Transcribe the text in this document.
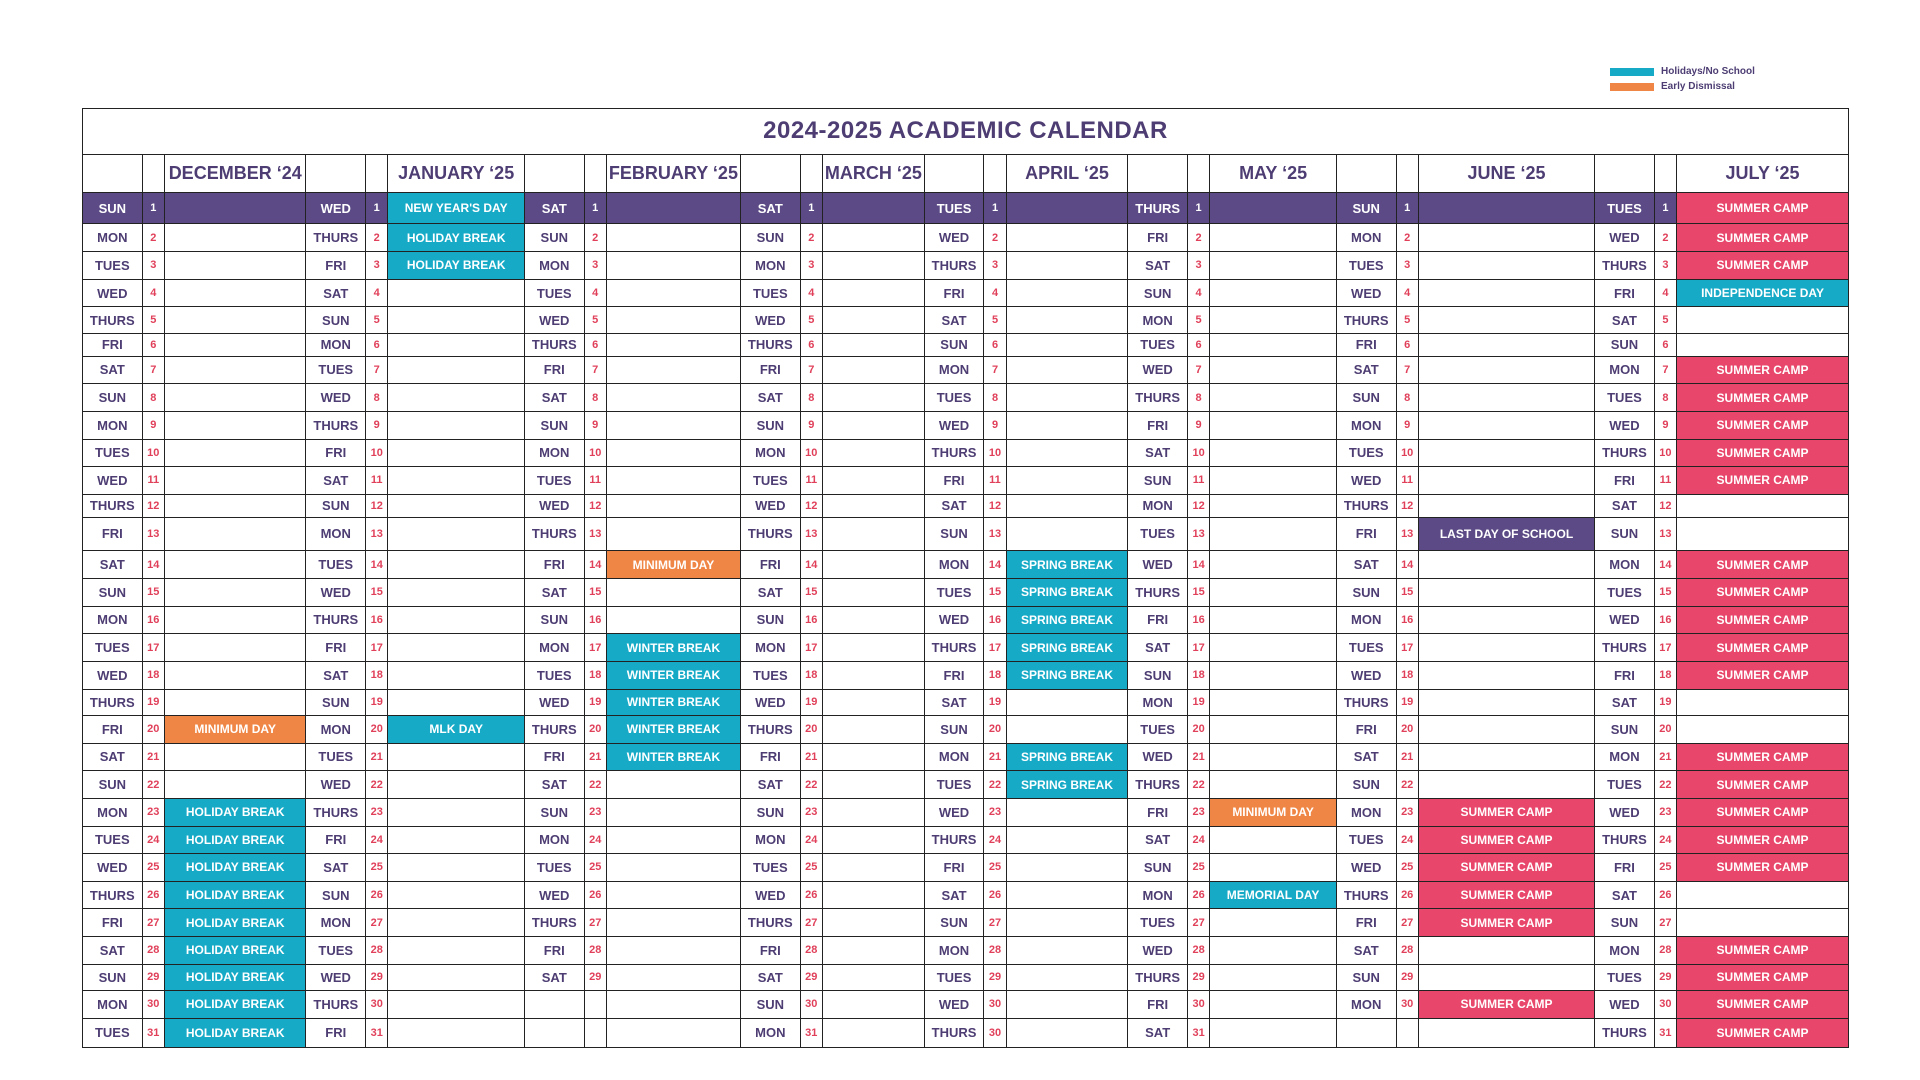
Holidays/No School
Early Dismissal
2024-2025 ACADEMIC CALENDAR																							
		DECEMBER ‘24			JANUARY ‘25			FEBRUARY ‘25			MARCH ‘25			APRIL ‘25			MAY ‘25			JUNE ‘25			JULY ‘25
SUN	1		WED	1	NEW YEAR'S DAY	SAT	1		SAT	1		TUES	1		THURS	1		SUN	1		TUES	1	SUMMER CAMP
MON	2		THURS	2	HOLIDAY BREAK	SUN	2		SUN	2		WED	2		FRI	2		MON	2		WED	2	SUMMER CAMP
TUES	3		FRI	3	HOLIDAY BREAK	MON	3		MON	3		THURS	3		SAT	3		TUES	3		THURS	3	SUMMER CAMP
WED	4		SAT	4		TUES	4		TUES	4		FRI	4		SUN	4		WED	4		FRI	4	INDEPENDENCE DAY
THURS	5		SUN	5		WED	5		WED	5		SAT	5		MON	5		THURS	5		SAT	5	
FRI	6		MON	6		THURS	6		THURS	6		SUN	6		TUES	6		FRI	6		SUN	6	
SAT	7		TUES	7		FRI	7		FRI	7		MON	7		WED	7		SAT	7		MON	7	SUMMER CAMP
SUN	8		WED	8		SAT	8		SAT	8		TUES	8		THURS	8		SUN	8		TUES	8	SUMMER CAMP
MON	9		THURS	9		SUN	9		SUN	9		WED	9		FRI	9		MON	9		WED	9	SUMMER CAMP
TUES	10		FRI	10		MON	10		MON	10		THURS	10		SAT	10		TUES	10		THURS	10	SUMMER CAMP
WED	11		SAT	11		TUES	11		TUES	11		FRI	11		SUN	11		WED	11		FRI	11	SUMMER CAMP
THURS	12		SUN	12		WED	12		WED	12		SAT	12		MON	12		THURS	12		SAT	12	
FRI	13		MON	13		THURS	13		THURS	13		SUN	13		TUES	13		FRI	13	LAST DAY OF SCHOOL	SUN	13	
SAT	14		TUES	14		FRI	14	MINIMUM DAY	FRI	14		MON	14	SPRING BREAK	WED	14		SAT	14		MON	14	SUMMER CAMP
SUN	15		WED	15		SAT	15		SAT	15		TUES	15	SPRING BREAK	THURS	15		SUN	15		TUES	15	SUMMER CAMP
MON	16		THURS	16		SUN	16		SUN	16		WED	16	SPRING BREAK	FRI	16		MON	16		WED	16	SUMMER CAMP
TUES	17		FRI	17		MON	17	WINTER BREAK	MON	17		THURS	17	SPRING BREAK	SAT	17		TUES	17		THURS	17	SUMMER CAMP
WED	18		SAT	18		TUES	18	WINTER BREAK	TUES	18		FRI	18	SPRING BREAK	SUN	18		WED	18		FRI	18	SUMMER CAMP
THURS	19		SUN	19		WED	19	WINTER BREAK	WED	19		SAT	19		MON	19		THURS	19		SAT	19	
FRI	20	MINIMUM DAY	MON	20	MLK DAY	THURS	20	WINTER BREAK	THURS	20		SUN	20		TUES	20		FRI	20		SUN	20	
SAT	21		TUES	21		FRI	21	WINTER BREAK	FRI	21		MON	21	SPRING BREAK	WED	21		SAT	21		MON	21	SUMMER CAMP
SUN	22		WED	22		SAT	22		SAT	22		TUES	22	SPRING BREAK	THURS	22		SUN	22		TUES	22	SUMMER CAMP
MON	23	HOLIDAY BREAK	THURS	23		SUN	23		SUN	23		WED	23		FRI	23	MINIMUM DAY	MON	23	SUMMER CAMP	WED	23	SUMMER CAMP
TUES	24	HOLIDAY BREAK	FRI	24		MON	24		MON	24		THURS	24		SAT	24		TUES	24	SUMMER CAMP	THURS	24	SUMMER CAMP
WED	25	HOLIDAY BREAK	SAT	25		TUES	25		TUES	25		FRI	25		SUN	25		WED	25	SUMMER CAMP	FRI	25	SUMMER CAMP
THURS	26	HOLIDAY BREAK	SUN	26		WED	26		WED	26		SAT	26		MON	26	MEMORIAL DAY	THURS	26	SUMMER CAMP	SAT	26	
FRI	27	HOLIDAY BREAK	MON	27		THURS	27		THURS	27		SUN	27		TUES	27		FRI	27	SUMMER CAMP	SUN	27	
SAT	28	HOLIDAY BREAK	TUES	28		FRI	28		FRI	28		MON	28		WED	28		SAT	28		MON	28	SUMMER CAMP
SUN	29	HOLIDAY BREAK	WED	29		SAT	29		SAT	29		TUES	29		THURS	29		SUN	29		TUES	29	SUMMER CAMP
MON	30	HOLIDAY BREAK	THURS	30					SUN	30		WED	30		FRI	30		MON	30	SUMMER CAMP	WED	30	SUMMER CAMP
TUES	31	HOLIDAY BREAK	FRI	31					MON	31		THURS	30		SAT	31					THURS	31	SUMMER CAMP
